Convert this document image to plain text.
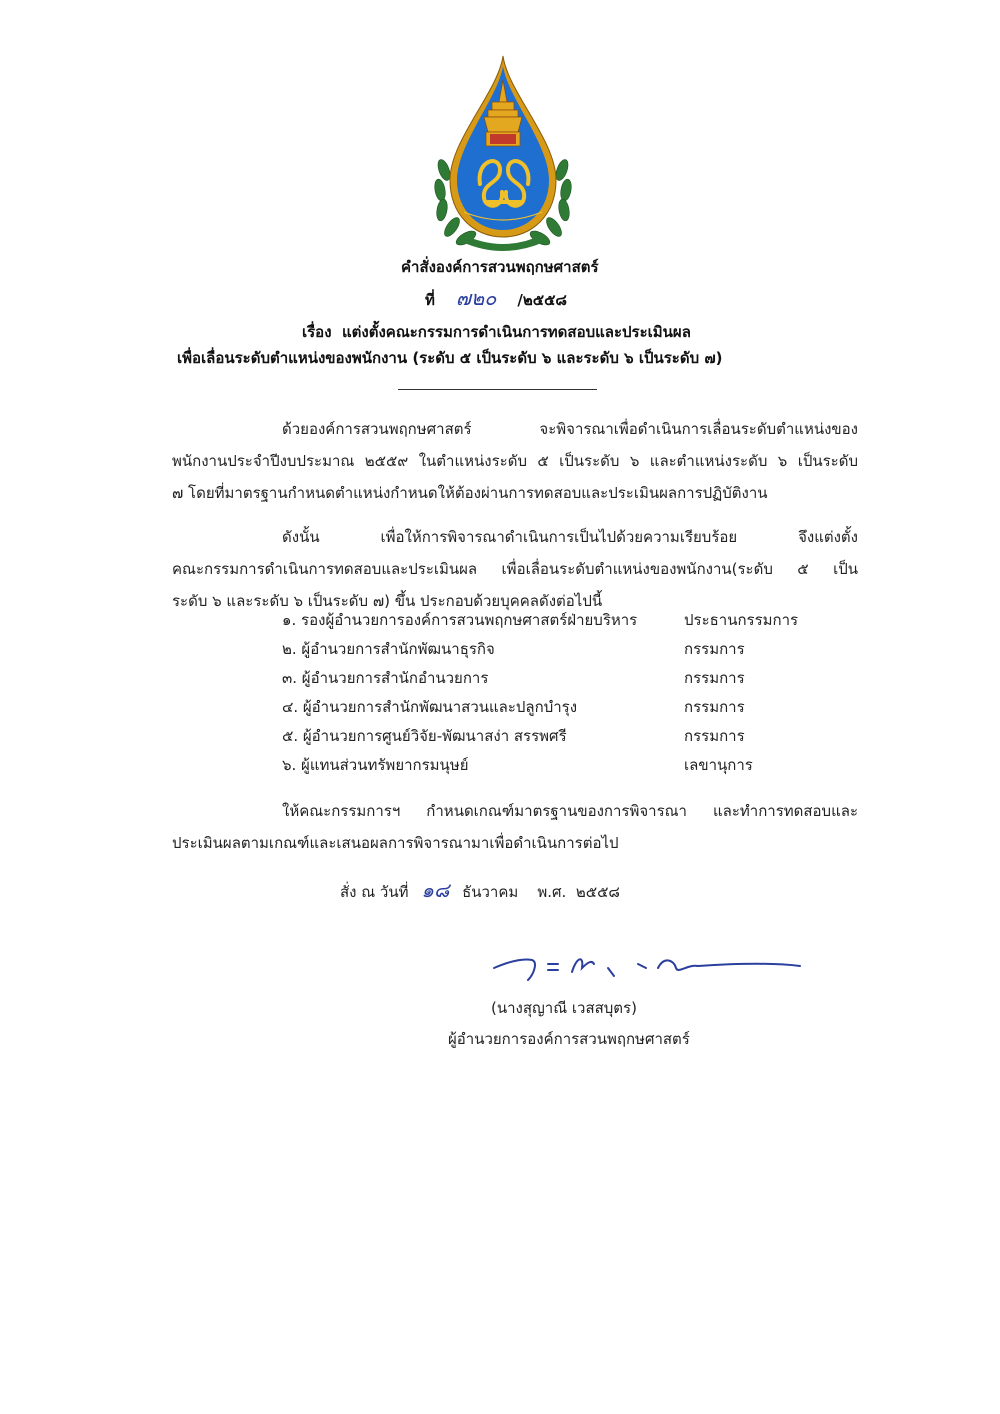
คำสั่งองค์การสวนพฤกษศาสตร์
ที่ ๗๒๐ /๒๕๕๘
เรื่อง แต่งตั้งคณะกรรมการดำเนินการทดสอบและประเมินผล
เพื่อเลื่อนระดับตำแหน่งของพนักงาน (ระดับ ๕ เป็นระดับ ๖ และระดับ ๖ เป็นระดับ ๗)
ด้วยองค์การสวนพฤกษศาสตร์ จะพิจารณาเพื่อดำเนินการเลื่อนระดับตำแหน่งของ
พนักงานประจำปีงบประมาณ ๒๕๕๙ ในตำแหน่งระดับ ๕ เป็นระดับ ๖ และตำแหน่งระดับ ๖ เป็นระดับ
๗ โดยที่มาตรฐานกำหนดตำแหน่งกำหนดให้ต้องผ่านการทดสอบและประเมินผลการปฏิบัติงาน
ดังนั้น เพื่อให้การพิจารณาดำเนินการเป็นไปด้วยความเรียบร้อย จึงแต่งตั้ง
คณะกรรมการดำเนินการทดสอบและประเมินผล เพื่อเลื่อนระดับตำแหน่งของพนักงาน(ระดับ ๕ เป็น
ระดับ ๖ และระดับ ๖ เป็นระดับ ๗) ขึ้น ประกอบด้วยบุคคลดังต่อไปนี้
๑. รองผู้อำนวยการองค์การสวนพฤกษศาสตร์ฝ่ายบริหาร	ประธานกรรมการ
๒. ผู้อำนวยการสำนักพัฒนาธุรกิจ	กรรมการ
๓. ผู้อำนวยการสำนักอำนวยการ	กรรมการ
๔. ผู้อำนวยการสำนักพัฒนาสวนและปลูกบำรุง	กรรมการ
๕. ผู้อำนวยการศูนย์วิจัย-พัฒนาสง่า สรรพศรี	กรรมการ
๖. ผู้แทนส่วนทรัพยากรมนุษย์	เลขานุการ
ให้คณะกรรมการฯ กำหนดเกณฑ์มาตรฐานของการพิจารณา และทำการทดสอบและ
ประเมินผลตามเกณฑ์และเสนอผลการพิจารณามาเพื่อดำเนินการต่อไป
สั่ง ณ วันที่ ๑๘ ธันวาคม พ.ศ. ๒๕๕๘
(นางสุญาณี เวสสบุตร)
ผู้อำนวยการองค์การสวนพฤกษศาสตร์
